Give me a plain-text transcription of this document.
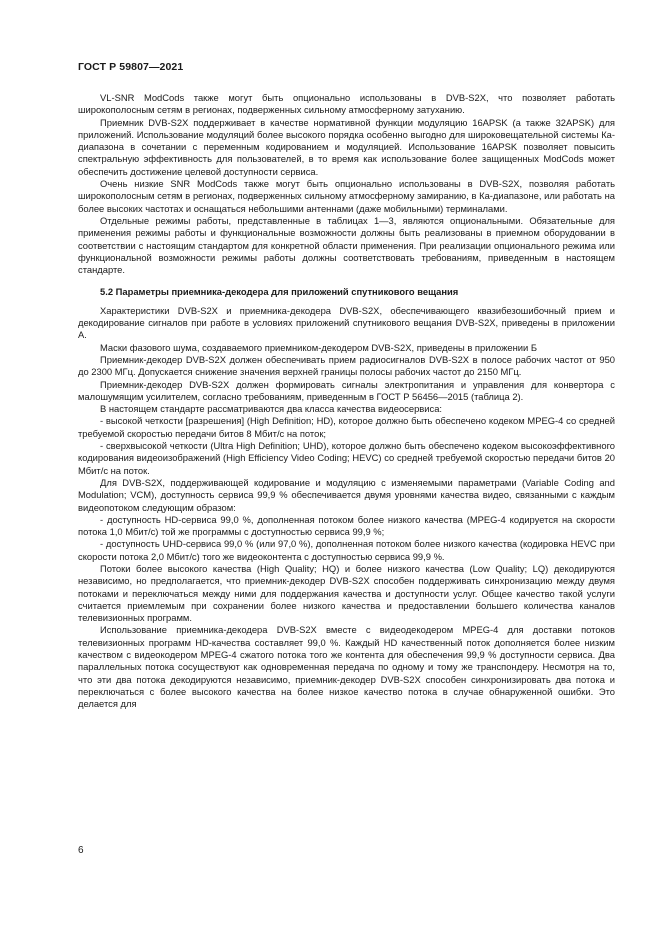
ГОСТ Р 59807—2021

VL-SNR ModCods также могут быть опционально использованы в DVB-S2X, что позволяет работать широкополосным сетям в регионах, подверженных сильному атмосферному затуханию.

Приемник DVB-S2X поддерживает в качестве нормативной функции модуляцию 16APSK (а также 32APSK) для приложений. Использование модуляций более высокого порядка особенно выгодно для широковещательной системы Ка-диапазона в сочетании с переменным кодированием и модуляцией. Использование 16APSK позволяет повысить спектральную эффективность для пользователей, в то время как использование более защищенных ModCods может обеспечить достижение целевой доступности сервиса.

Очень низкие SNR ModCods также могут быть опционально использованы в DVB-S2X, позволяя работать широкополосным сетям в регионах, подверженных сильному атмосферному замиранию, в Ка-диапазоне, или работать на более высоких частотах и оснащаться небольшими антеннами (даже мобильными) терминалами.

Отдельные режимы работы, представленные в таблицах 1—3, являются опциональными. Обязательные для применения режимы работы и функциональные возможности должны быть реализованы в приемном оборудовании в соответствии с настоящим стандартом для конкретной области применения. При реализации опционального режима или функциональной возможности режимы работы должны соответствовать требованиям, приведенным в настоящем стандарте.

5.2 Параметры приемника-декодера для приложений спутникового вещания

Характеристики DVB-S2X и приемника-декодера DVB-S2X, обеспечивающего квазибезошибочный прием и декодирование сигналов при работе в условиях приложений спутникового вещания DVB-S2X, приведены в приложении А.

Маски фазового шума, создаваемого приемником-декодером DVB-S2X, приведены в приложении Б

Приемник-декодер DVB-S2X должен обеспечивать прием радиосигналов DVB-S2X в полосе рабочих частот от 950 до 2300 МГц. Допускается снижение значения верхней границы полосы рабочих частот до 2150 МГц.

Приемник-декодер DVB-S2X должен формировать сигналы электропитания и управления для конвертора с малошумящим усилителем, согласно требованиям, приведенным в ГОСТ Р 56456—2015 (таблица 2).

В настоящем стандарте рассматриваются два класса качества видеосервиса:

- высокой четкости [разрешения] (High Definition; HD), которое должно быть обеспечено кодеком MPEG-4 со средней требуемой скоростью передачи битов 8 Мбит/с на поток;

- сверхвысокой четкости (Ultra High Definition; UHD), которое должно быть обеспечено кодеком высокоэффективного кодирования видеоизображений (High Efficiency Video Coding; HEVC) со средней требуемой скоростью передачи битов 20 Мбит/с на поток.

Для DVB-S2X, поддерживающей кодирование и модуляцию с изменяемыми параметрами (Variable Coding and Modulation; VCM), доступность сервиса 99,9 % обеспечивается двумя уровнями качества видео, связанными с каждым видеопотоком следующим образом:

- доступность HD-сервиса 99,0 %, дополненная потоком более низкого качества (MPEG-4 кодируется на скорости потока 1,0 Мбит/с) той же программы с доступностью сервиса 99,9 %;

- доступность UHD-сервиса 99,0 % (или 97,0 %), дополненная потоком более низкого качества (кодировка HEVC при скорости потока 2,0 Мбит/с) того же видеоконтента с доступностью сервиса 99,9 %.

Потоки более высокого качества (High Quality; HQ) и более низкого качества (Low Quality; LQ) декодируются независимо, но предполагается, что приемник-декодер DVB-S2X способен поддерживать синхронизацию между двумя потоками и переключаться между ними для поддержания качества и доступности услуг. Общее качество такой услуги считается приемлемым при сохранении более низкого качества и предоставлении большего количества каналов телевизионных программ.

Использование приемника-декодера DVB-S2X вместе с видеодекодером MPEG-4 для доставки потоков телевизионных программ HD-качества составляет 99,0 %. Каждый HD качественный поток дополняется более низким качеством с видеокодером MPEG-4 сжатого потока того же контента для обеспечения 99,9 % доступности сервиса. Два параллельных потока сосуществуют как одновременная передача по одному и тому же транспондеру. Несмотря на то, что эти два потока декодируются независимо, приемник-декодер DVB-S2X способен синхронизировать два потока и переключаться с более высокого качества на более низкое качество потока в случае обнаруженной ошибки. Это делается для

6
